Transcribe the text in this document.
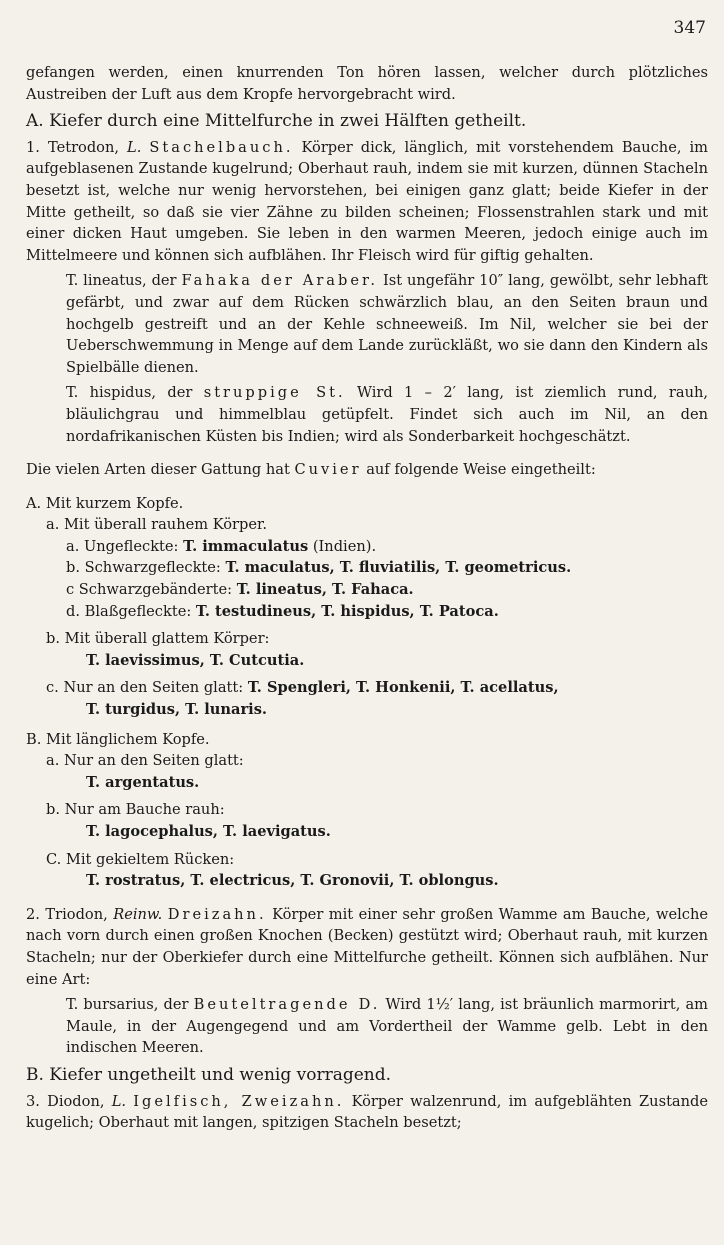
347

gefangen werden, einen knurrenden Ton hören lassen, welcher durch plötzliches Austreiben der Luft aus dem Kropfe hervorgebracht wird.

A. Kiefer durch eine Mittelfurche in zwei Hälften getheilt.

1. Tetrodon, L. Stachelbauch. Körper dick, länglich, mit vorstehendem Bauche, im aufgeblasenen Zustande kugelrund; Oberhaut rauh, indem sie mit kurzen, dünnen Stacheln besetzt ist, welche nur wenig hervorstehen, bei einigen ganz glatt; beide Kiefer in der Mitte getheilt, so daß sie vier Zähne zu bilden scheinen; Flossenstrahlen stark und mit einer dicken Haut umgeben. Sie leben in den warmen Meeren, jedoch einige auch im Mittelmeere und können sich aufblähen. Ihr Fleisch wird für giftig gehalten.

T. lineatus, der Fahaka der Araber. Ist ungefähr 10″ lang, gewölbt, sehr lebhaft gefärbt, und zwar auf dem Rücken schwärzlich blau, an den Seiten braun und hochgelb gestreift und an der Kehle schneeweiß. Im Nil, welcher sie bei der Ueberschwemmung in Menge auf dem Lande zurückläßt, wo sie dann den Kindern als Spielbälle dienen.

T. hispidus, der struppige St. Wird 1 – 2′ lang, ist ziemlich rund, rauh, bläulichgrau und himmelblau getüpfelt. Findet sich auch im Nil, an den nordafrikanischen Küsten bis Indien; wird als Sonderbarkeit hochgeschätzt.

Die vielen Arten dieser Gattung hat Cuvier auf folgende Weise eingetheilt:

A. Mit kurzem Kopfe.

a. Mit überall rauhem Körper.

a. Ungefleckte: T. immaculatus (Indien).

b. Schwarzgefleckte: T. maculatus, T. fluviatilis, T. geometricus.

c Schwarzgebänderte: T. lineatus, T. Fahaca.

d. Blaßgefleckte: T. testudineus, T. hispidus, T. Patoca.

b. Mit überall glattem Körper:

T. laevissimus, T. Cutcutia.

c. Nur an den Seiten glatt: T. Spengleri, T. Honkenii, T. acellatus,

T. turgidus, T. lunaris.

B. Mit länglichem Kopfe.

a. Nur an den Seiten glatt:

T. argentatus.

b. Nur am Bauche rauh:

T. lagocephalus, T. laevigatus.

C. Mit gekieltem Rücken:

T. rostratus, T. electricus, T. Gronovii, T. oblongus.

2. Triodon, Reinw. Dreizahn. Körper mit einer sehr großen Wamme am Bauche, welche nach vorn durch einen großen Knochen (Becken) gestützt wird; Oberhaut rauh, mit kurzen Stacheln; nur der Oberkiefer durch eine Mittelfurche getheilt. Können sich aufblähen. Nur eine Art:

T. bursarius, der Beuteltragende D. Wird 1½′ lang, ist bräunlich marmorirt, am Maule, in der Augengegend und am Vordertheil der Wamme gelb. Lebt in den indischen Meeren.

B. Kiefer ungetheilt und wenig vorragend.

3. Diodon, L. Igelfisch, Zweizahn. Körper walzenrund, im aufgeblähten Zustande kugelich; Oberhaut mit langen, spitzigen Stacheln besetzt;
